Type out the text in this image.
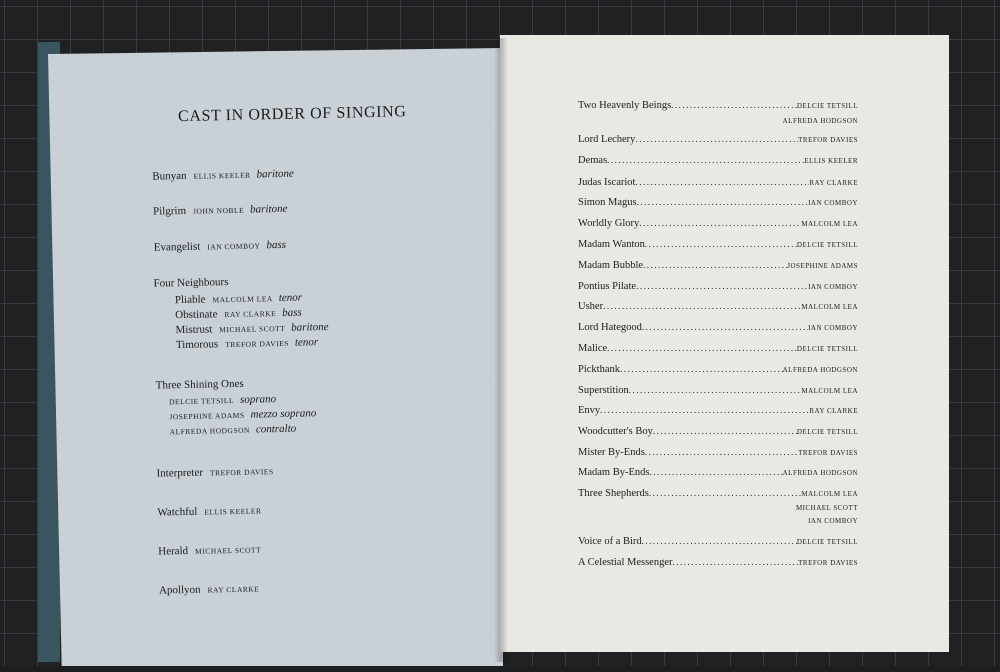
CAST IN ORDER OF SINGING
Bunyan ELLIS KEELER baritone
Pilgrim JOHN NOBLE baritone
Evangelist IAN COMBOY bass
Four Neighbours
Pliable MALCOLM LEA tenor
Obstinate RAY CLARKE bass
Mistrust MICHAEL SCOTT baritone
Timorous TREFOR DAVIES tenor
Three Shining Ones
DELCIE TETSILL soprano
JOSEPHINE ADAMS mezzo soprano
ALFREDA HODGSON contralto
Interpreter TREFOR DAVIES
Watchful ELLIS KEELER
Herald MICHAEL SCOTT
Apollyon RAY CLARKE
Two Heavenly Beings .....	DELCIE TETSILL
ALFREDA HODGSON
Lord Lechery .....	TREFOR DAVIES
Demas .....	ELLIS KEELER
Judas Iscariot .....	RAY CLARKE
Simon Magus .....	IAN COMBOY
Worldly Glory .....	MALCOLM LEA
Madam Wanton .....	DELCIE TETSILL
Madam Bubble .....	JOSEPHINE ADAMS
Pontius Pilate .....	IAN COMBOY
Usher .....	MALCOLM LEA
Lord Hategood .....	IAN COMBOY
Malice .....	DELCIE TETSILL
Pickthank .....	ALFREDA HODGSON
Superstition .....	MALCOLM LEA
Envy .....	RAY CLARKE
Woodcutter's Boy .....	DELCIE TETSILL
Mister By-Ends .....	TREFOR DAVIES
Madam By-Ends .....	ALFREDA HODGSON
Three Shepherds .....	MALCOLM LEA
MICHAEL SCOTT
IAN COMBOY
Voice of a Bird .....	DELCIE TETSILL
A Celestial Messenger .....	TREFOR DAVIES
